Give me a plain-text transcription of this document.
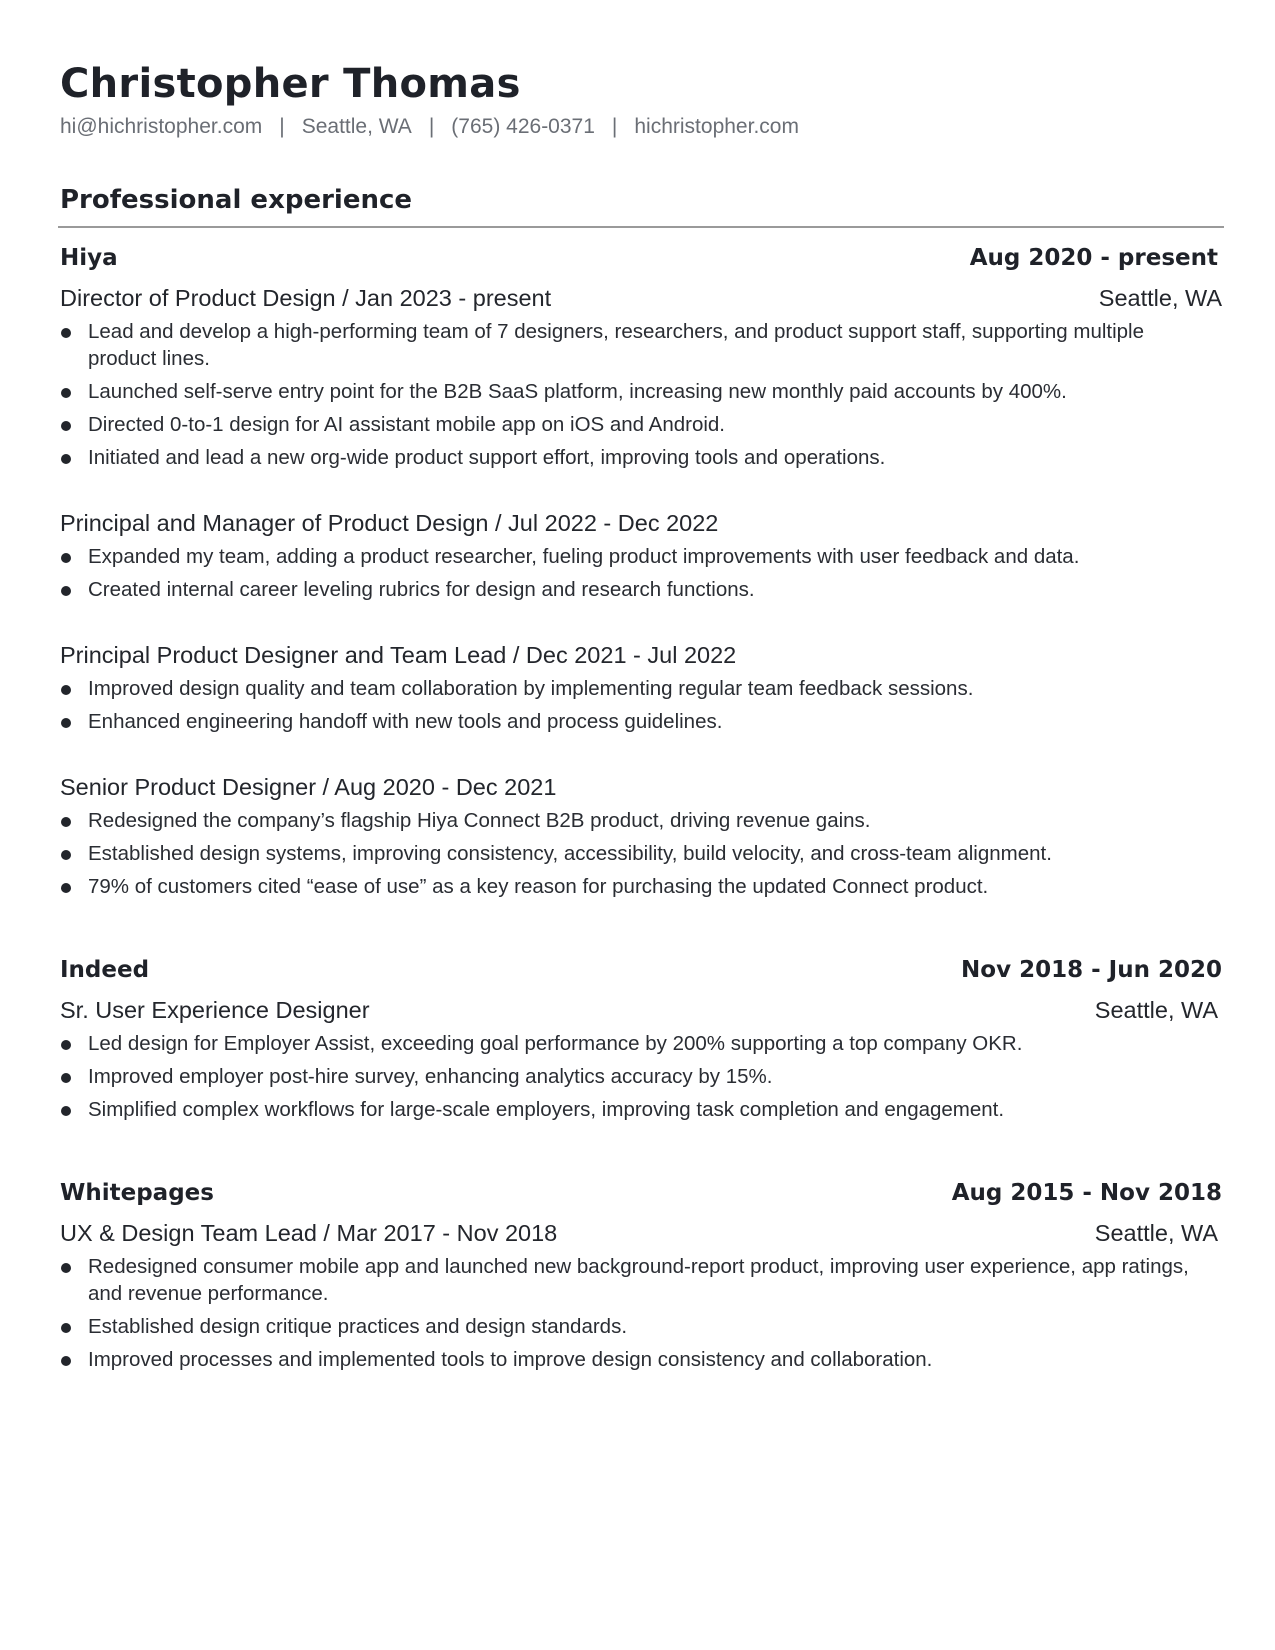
Christopher Thomas
hi@hichristopher.com | Seattle, WA | (765) 426-0371 | hichristopher.com
Professional experience
Hiya	Aug 2020 - present
Director of Product Design / Jan 2023 - present	Seattle, WA
Lead and develop a high-performing team of 7 designers, researchers, and product support staff, supporting multiple product lines.
Launched self-serve entry point for the B2B SaaS platform, increasing new monthly paid accounts by 400%.
Directed 0-to-1 design for AI assistant mobile app on iOS and Android.
Initiated and lead a new org-wide product support effort, improving tools and operations.
Principal and Manager of Product Design / Jul 2022 - Dec 2022
Expanded my team, adding a product researcher, fueling product improvements with user feedback and data.
Created internal career leveling rubrics for design and research functions.
Principal Product Designer and Team Lead / Dec 2021 - Jul 2022
Improved design quality and team collaboration by implementing regular team feedback sessions.
Enhanced engineering handoff with new tools and process guidelines.
Senior Product Designer / Aug 2020 - Dec 2021
Redesigned the company’s flagship Hiya Connect B2B product, driving revenue gains.
Established design systems, improving consistency, accessibility, build velocity, and cross-team alignment.
79% of customers cited “ease of use” as a key reason for purchasing the updated Connect product.
Indeed	Nov 2018 - Jun 2020
Sr. User Experience Designer	Seattle, WA
Led design for Employer Assist, exceeding goal performance by 200% supporting a top company OKR.
Improved employer post-hire survey, enhancing analytics accuracy by 15%.
Simplified complex workflows for large-scale employers, improving task completion and engagement.
Whitepages	Aug 2015 - Nov 2018
UX & Design Team Lead / Mar 2017 - Nov 2018	Seattle, WA
Redesigned consumer mobile app and launched new background-report product, improving user experience, app ratings, and revenue performance.
Established design critique practices and design standards.
Improved processes and implemented tools to improve design consistency and collaboration.
